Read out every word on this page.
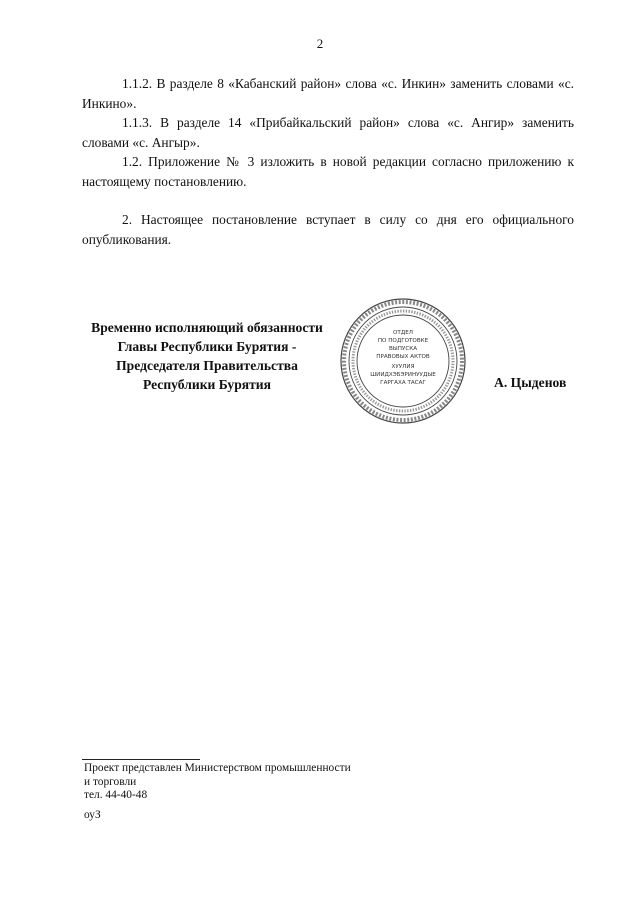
2

1.1.2. В разделе 8 «Кабанский район» слова «с. Инкин» заменить словами «с. Инкино».

1.1.3. В разделе 14 «Прибайкальский район» слова «с. Ангир» заменить словами «с. Ангыр».

1.2. Приложение № 3 изложить в новой редакции согласно приложению к настоящему постановлению.

2. Настоящее постановление вступает в силу со дня его официального опубликования.

Временно исполняющий обязанности
Главы Республики Бурятия -
Председателя Правительства
Республики Бурятия
ОТДЕЛ
ПО ПОДГОТОВКЕ
ВЫПУСКА
ПРАВОВЫХ АКТОВ
ХУУЛИЯ
ШИИДХЭБЭРИНУУДЫЕ
ГАРГАХА ТАСАГ	А. Цыденов
Проект представлен Министерством промышленности
и торговли
тел. 44-40-48
оуЗ
